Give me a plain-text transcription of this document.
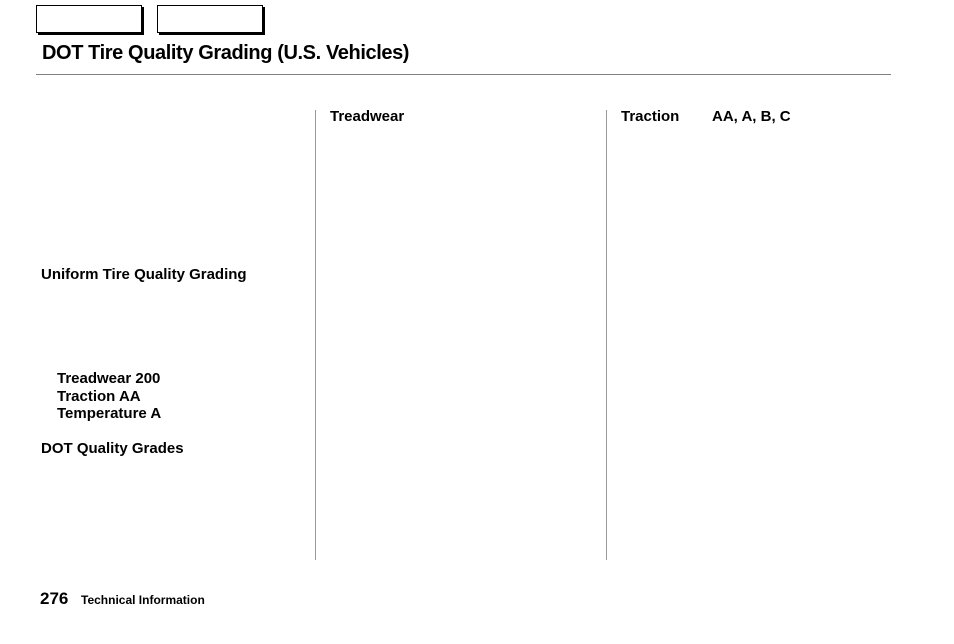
DOT Tire Quality Grading (U.S. Vehicles)
Treadwear	Traction AA, A, B, C
Uniform Tire Quality Grading
Treadwear 200
Traction AA
Temperature A
DOT Quality Grades
276 Technical Information
